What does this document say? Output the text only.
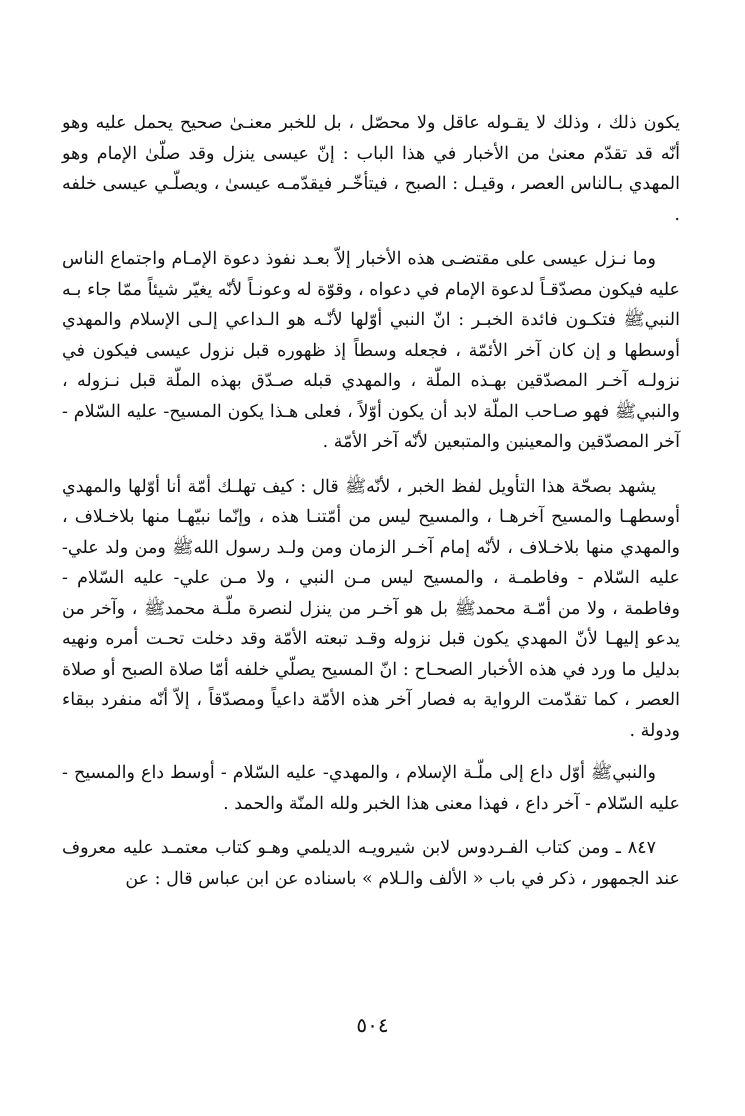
يكون ذلك ، وذلك لا يقـوله عاقل ولا محصّل ، بل للخبر معنـىٰ صحيح يحمل عليه وهو أنّه قد تقدّم معنىٰ من الأخبار في هذا الباب : إنّ عيسى ينزل وقد صلّىٰ الإمام وهو المهدي بـالناس العصر ، وقيـل : الصبح ، فيتأخّـر فيقدّمـه عيسىٰ ، ويصلّـي عيسى خلفه .

وما نـزل عيسى على مقتضـى هذه الأخبار إلاّ بعـد نفوذ دعوة الإمـام واجتماع الناس عليه فيكون مصدّقـاً لدعوة الإمام في دعواه ، وقوّة له وعونـاً لأنّه يغيّر شيئاً ممّا جاء بـه النبيﷺ فتكـون فائدة الخبـر : انّ النبي أوّلها لأنّـه هو الـداعي إلـى الإسلام والمهدي أوسطها و إن كان آخر الأئمّة ، فجعله وسطاً إذ ظهوره قبل نزول عيسى فيكون في نزولـه آخـر المصدّقين بهـذه الملّة ، والمهدي قبله صـدّق بهذه الملّة قبل نـزوله ، والنبيﷺ فهو صـاحب الملّة لابد أن يكون أوّلاً ، فعلى هـذا يكون المسيح- عليه السّلام - آخر المصدّقين والمعينين والمتبعين لأنّه آخر الأمّة .

يشهد بصحّة هذا التأويل لفظ الخبر ، لأنّهﷺ قال : كيف تهلـك أمّة أنا أوّلها والمهدي أوسطهـا والمسيح آخرهـا ، والمسيح ليس من أمّتنـا هذه ، وإنّما نبيّهـا منها بلاخـلاف ، والمهدي منها بلاخـلاف ، لأنّه إمام آخـر الزمان ومن ولـد رسول اللهﷺ ومن ولد علي- عليه السّلام - وفاطمـة ، والمسيح ليس مـن النبي ، ولا مـن علي- عليه السّلام - وفاطمة ، ولا من أمّـة محمدﷺ بل هو آخـر من ينزل لنصرة ملّـة محمدﷺ ، وآخر من يدعو إليهـا لأنّ المهدي يكون قبل نزوله وقـد تبعته الأمّة وقد دخلت تحـت أمره ونهيه بدليل ما ورد في هذه الأخبار الصحـاح : انّ المسيح يصلّي خلفه أمّا صلاة الصبح أو صلاة العصر ، كما تقدّمت الرواية به فصار آخر هذه الأمّة داعياً ومصدّقاً ، إلاّ أنّه منفرد ببقاء ودولة .

والنبيﷺ أوّل داع إلى ملّـة الإسلام ، والمهدي- عليه السّلام - أوسط داع والمسيح - عليه السّلام - آخر داع ، فهذا معنى هذا الخبر ولله المنّة والحمد .

٨٤٧ ـ ومن كتاب الفـردوس لابن شيرويـه الديلمي وهـو كتاب معتمـد عليه معروف عند الجمهور ، ذكر في باب « الألف والـلام » باسناده عن ابن عباس قال : عن

٥٠٤
